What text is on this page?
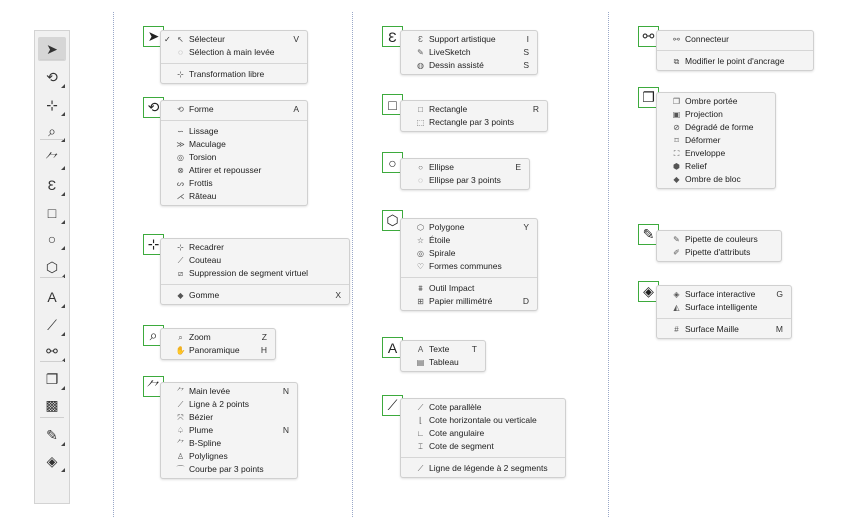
➤
⟲
⊹
⌕
⺈
Ɛ
□
○
⬡
A
⟋
⚯
❐
▩
✎
◈
➤ ✓ ↖ Sélecteur	V
◌ Sélection à main levée
⊹ Transformation libre
⟲	⟲ Forme	A
∽ Lissage
≫ Maculage
◎ Torsion
⊗ Attirer et repousser
ᔕ Frottis
⋌ Râteau
⊹	⊹ Recadrer
⟋ Couteau
⧄ Suppression de segment virtuel
◆ Gomme	X
⌕	⌕ Zoom	Z
✋ Panoramique	H
⺈	⺈ Main levée	N
⟋ Ligne à 2 points
⤧ Bézier
♤ Plume	N
⺈ B-Spline
♙ Polylignes
⌒ Courbe par 3 points
Ɛ	Ɛ Support artistique	I
✎ LiveSketch	S
◍ Dessin assisté	S
□	□ Rectangle	R
⬚ Rectangle par 3 points
○	○ Ellipse	E
◌ Ellipse par 3 points
⬡	⬡ Polygone	Y
☆ Étoile
◎ Spirale
♡ Formes communes
⩩ Outil Impact
⊞ Papier millimétré	D
A	A Texte	T
▤ Tableau
⟋	⟋ Cote parallèle
⌊ Cote horizontale ou verticale
∟ Cote angulaire
⌶ Cote de segment
⟋ Ligne de légende à 2 segments
⚯	⚯ Connecteur
⧉ Modifier le point d'ancrage
❐	❐ Ombre portée
▣ Projection
⊘ Dégradé de forme
⌑ Déformer
⛶ Enveloppe
⬢ Relief
◆ Ombre de bloc
✎	✎ Pipette de couleurs
✐ Pipette d'attributs
◈	◈ Surface interactive	G
◭ Surface intelligente
# Surface Maille	M
